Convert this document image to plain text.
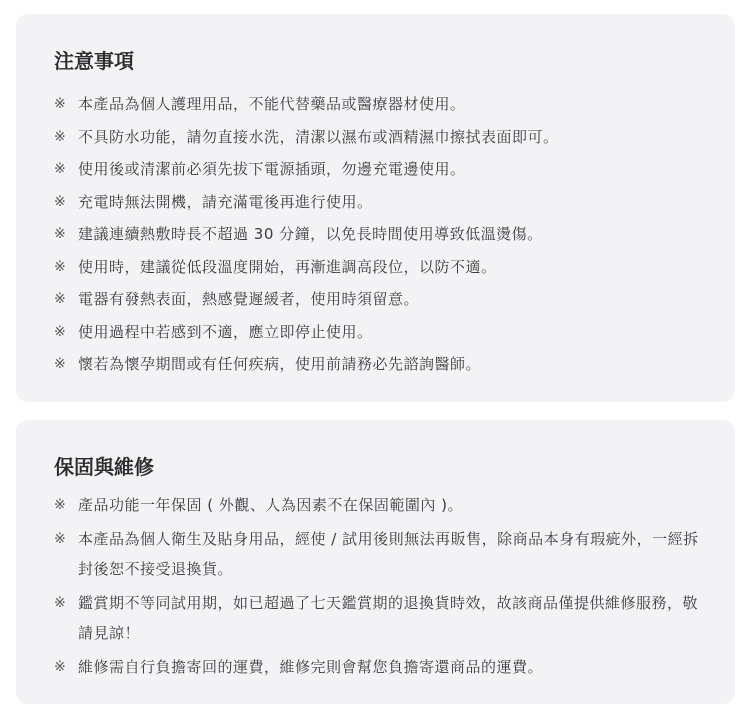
注意事項
※ 本產品為個人護理用品，不能代替藥品或醫療器材使用。
※ 不具防水功能，請勿直接水洗，清潔以濕布或酒精濕巾擦拭表面即可。
※ 使用後或清潔前必須先拔下電源插頭，勿邊充電邊使用。
※ 充電時無法開機，請充滿電後再進行使用。
※ 建議連續熱敷時長不超過 30 分鐘，以免長時間使用導致低溫燙傷。
※ 使用時，建議從低段溫度開始，再漸進調高段位，以防不適。
※ 電器有發熱表面，熱感覺遲緩者，使用時須留意。
※ 使用過程中若感到不適，應立即停止使用。
※ 懷若為懷孕期間或有任何疾病，使用前請務必先諮詢醫師。
保固與維修
※ 產品功能一年保固 ( 外觀、人為因素不在保固範圍內 )。
※ 本產品為個人衛生及貼身用品，經使 / 試用後則無法再販售，除商品本身有瑕疵外，一經拆封後恕不接受退換貨。
※ 鑑賞期不等同試用期，如已超過了七天鑑賞期的退換貨時效，故該商品僅提供維修服務，敬請見諒！
※ 維修需自行負擔寄回的運費，維修完則會幫您負擔寄還商品的運費。
